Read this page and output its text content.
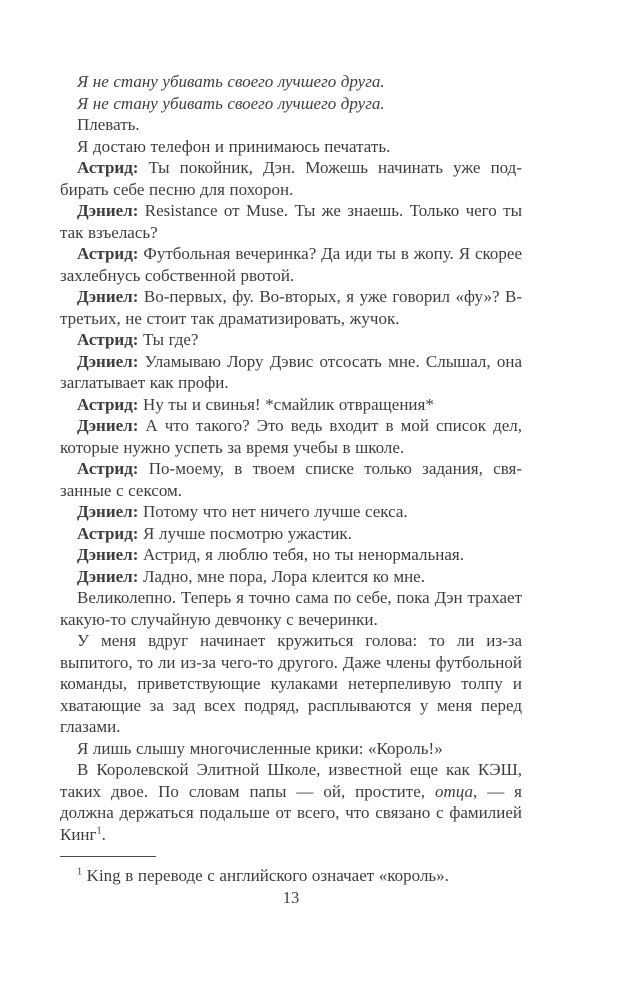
Я не стану убивать своего лучшего друга.

Я не стану убивать своего лучшего друга.

Плевать.

Я достаю телефон и принимаюсь печатать.

Астрид: Ты покойник, Дэн. Можешь начинать уже подбирать себе песню для похорон.

Дэниел: Resistance от Muse. Ты же знаешь. Только чего ты так взъелась?

Астрид: Футбольная вечеринка? Да иди ты в жопу. Я скорее захлебнусь собственной рвотой.

Дэниел: Во-первых, фу. Во-вторых, я уже говорил «фу»? В-третьих, не стоит так драматизировать, жучок.

Астрид: Ты где?

Дэниел: Уламываю Лору Дэвис отсосать мне. Слышал, она заглатывает как профи.

Астрид: Ну ты и свинья! *смайлик отвращения*

Дэниел: А что такого? Это ведь входит в мой список дел, которые нужно успеть за время учебы в школе.

Астрид: По-моему, в твоем списке только задания, связанные с сексом.

Дэниел: Потому что нет ничего лучше секса.

Астрид: Я лучше посмотрю ужастик.

Дэниел: Астрид, я люблю тебя, но ты ненормальная.

Дэниел: Ладно, мне пора, Лора клеится ко мне.

Великолепно. Теперь я точно сама по себе, пока Дэн трахает какую-то случайную девчонку с вечеринки.

У меня вдруг начинает кружиться голова: то ли из-за выпитого, то ли из-за чего-то другого. Даже члены футбольной команды, приветствующие кулаками нетерпеливую толпу и хватающие за зад всех подряд, расплываются у меня перед глазами.

Я лишь слышу многочисленные крики: «Король!»

В Королевской Элитной Школе, известной еще как КЭШ, таких двое. По словам папы — ой, простите, отца, — я должна держаться подальше от всего, что связано с фамилией Кинг$^1$.

$^1$ King в переводе с английского означает «король».

13
